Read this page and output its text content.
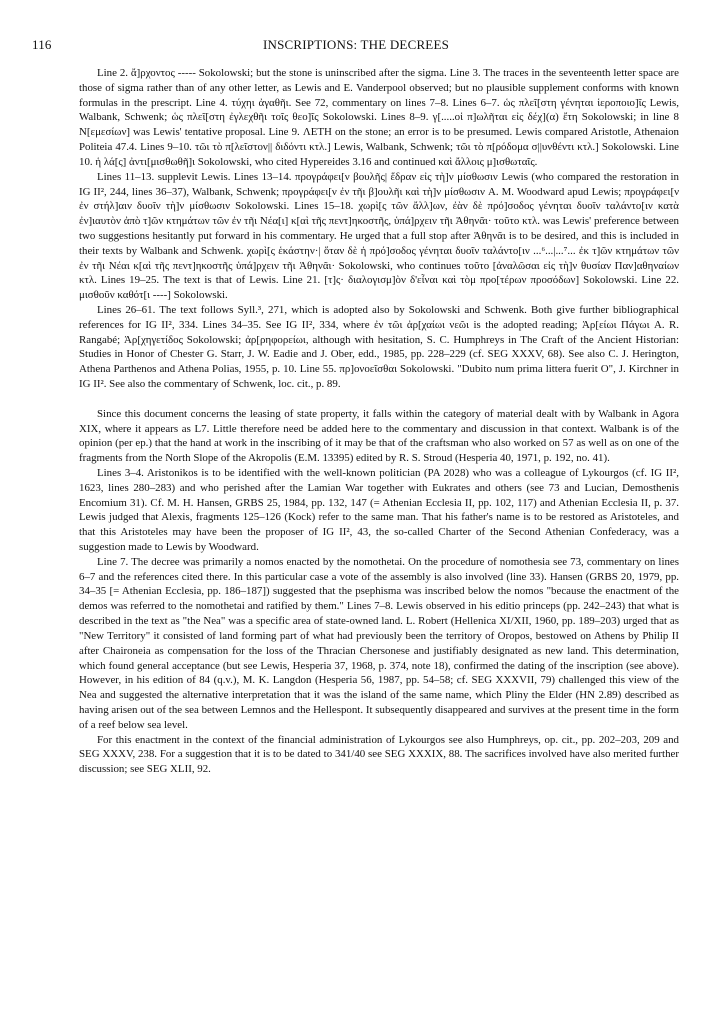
116	INSCRIPTIONS: THE DECREES

Line 2. ἄ]ρχοντος ----- Sokolowski; but the stone is uninscribed after the sigma. Line 3. The traces in the seventeenth letter space are those of sigma rather than of any other letter, as Lewis and E. Vanderpool observed; but no plausible supplement conforms with known formulas in the prescript. Line 4. τύχηι ἀγαθῆι. See 72, commentary on lines 7–8. Lines 6–7. ὡς πλεῖ[στη γένηται ἱεροποιο]ῖς Lewis, Walbank, Schwenk; ὡς πλεῖ[στη ἐγλεχθῆι τοῖς θεο]ῖς Sokolowski. Lines 8–9. γ[.....οἱ π]ωλῆται εἰς δέχ](α) ἔτη Sokolowski; in line 8 N[εμεσίων] was Lewis' tentative proposal. Line 9. ΛΕΤΗ on the stone; an error is to be presumed. Lewis compared Aristotle, Athenaion Politeia 47.4. Lines 9–10. τῶι τὸ π[λεῖστον|| διδόντι κτλ.] Lewis, Walbank, Schwenk; τῶι τὸ π[ρόδομα σ||υνθέντι κτλ.] Sokolowski. Line 10. ἡ λά[ς] ἀντι[μισθωθῆ]ι Sokolowski, who cited Hypereides 3.16 and continued καὶ ἄλλοις μ]ισθωταῖς.

Lines 11–13. supplevit Lewis. Lines 13–14. προγράφει[ν βουλῆς| ἕδραν εἰς τὴ]ν μίσθωσιν Lewis (who compared the restoration in IG II², 244, lines 36–37), Walbank, Schwenk; προγράφει[ν ἐν τῆι β]ουλῆι καὶ τὴ]ν μίσθωσιν A. M. Woodward apud Lewis; προγράφει[ν ἐν στήλ]αιν δυοῖν τὴ]ν μίσθωσιν Sokolowski. Lines 15–18. χωρὶ[ς τῶν ἄλλ]ων, ἐὰν δὲ πρό]σοδος γένηται δυοῖν ταλάντο[ιν κατὰ ἐν]ιαυτὸν ἀπὸ τ]ῶν κτημάτων τῶν ἐν τῆι Νέα[ι] κ[αὶ τῆς πεντ]ηκοστῆς, ὑπά]ρχειν τῆι Ἀθηνᾶι· τοῦτο κτλ. was Lewis' preference between two suggestions hesitantly put forward in his commentary. He urged that a full stop after Ἀθηνᾶι is to be desired, and this is included in their texts by Walbank and Schwenk. χωρὶ[ς ἑκάστην·| ὅταν δὲ ἡ πρό]σοδος γένηται δυοῖν ταλάντο[ιν ...⁶...|...⁷... ἐκ τ]ῶν κτημάτων τῶν ἐν τῆι Νέαι κ[αὶ τῆς πεντ]ηκοστῆς ὑπά]ρχειν τῆι Ἀθηνᾶι· Sokolowski, who continues τοῦτο [ἀναλῶσαι εἰς τὴ]ν θυσίαν Παν]αθηναίων κτλ. Lines 19–25. The text is that of Lewis. Line 21. [τ]ς· διαλογισμ]ὸν δ'εἶναι καὶ τὸμ προ[τέρων προσόδων] Sokolowski. Line 22. μισθοῦν καθότ[ι ----] Sokolowski.

Lines 26–61. The text follows Syll.³, 271, which is adopted also by Sokolowski and Schwenk. Both give further bibliographical references for IG II², 334. Lines 34–35. See IG II², 334, where ἐν τῶι ἀρ[χαίωι νεῶι is the adopted reading; Ἀρ[είωι Πάγωι A. R. Rangabé; Ἀρ[χηγετίδος Sokolowski; ἀρ[ρηφορείωι, although with hesitation, S. C. Humphreys in The Craft of the Ancient Historian: Studies in Honor of Chester G. Starr, J. W. Eadie and J. Ober, edd., 1985, pp. 228–229 (cf. SEG XXXV, 68). See also C. J. Herington, Athena Parthenos and Athena Polias, 1955, p. 10. Line 55. πρ]ονοεῖσθαι Sokolowski. "Dubito num prima littera fuerit O", J. Kirchner in IG II². See also the commentary of Schwenk, loc. cit., p. 89.

Since this document concerns the leasing of state property, it falls within the category of material dealt with by Walbank in Agora XIX, where it appears as L7. Little therefore need be added here to the commentary and discussion in that context. Walbank is of the opinion (per ep.) that the hand at work in the inscribing of it may be that of the craftsman who also worked on 57 as well as on one of the fragments from the North Slope of the Akropolis (E.M. 13395) edited by R. S. Stroud (Hesperia 40, 1971, p. 192, no. 41).

Lines 3–4. Aristonikos is to be identified with the well-known politician (PA 2028) who was a colleague of Lykourgos (cf. IG II², 1623, lines 280–283) and who perished after the Lamian War together with Eukrates and others (see 73 and Lucian, Demosthenis Encomium 31). Cf. M. H. Hansen, GRBS 25, 1984, pp. 132, 147 (= Athenian Ecclesia II, pp. 102, 117) and Athenian Ecclesia II, p. 37. Lewis judged that Alexis, fragments 125–126 (Kock) refer to the same man. That his father's name is to be restored as Aristoteles, and that this Aristoteles may have been the proposer of IG II², 43, the so-called Charter of the Second Athenian Confederacy, was a suggestion made to Lewis by Woodward.

Line 7. The decree was primarily a nomos enacted by the nomothetai. On the procedure of nomothesia see 73, commentary on lines 6–7 and the references cited there. In this particular case a vote of the assembly is also involved (line 33). Hansen (GRBS 20, 1979, pp. 34–35 [= Athenian Ecclesia, pp. 186–187]) suggested that the psephisma was inscribed below the nomos "because the enactment of the demos was referred to the nomothetai and ratified by them." Lines 7–8. Lewis observed in his editio princeps (pp. 242–243) that what is described in the text as "the Nea" was a specific area of state-owned land. L. Robert (Hellenica XI/XII, 1960, pp. 189–203) urged that as "New Territory" it consisted of land forming part of what had previously been the territory of Oropos, bestowed on Athens by Philip II after Chaironeia as compensation for the loss of the Thracian Chersonese and justifiably designated as new land. This determination, which found general acceptance (but see Lewis, Hesperia 37, 1968, p. 374, note 18), confirmed the dating of the inscription (see above). However, in his edition of 84 (q.v.), M. K. Langdon (Hesperia 56, 1987, pp. 54–58; cf. SEG XXXVII, 79) challenged this view of the Nea and suggested the alternative interpretation that it was the island of the same name, which Pliny the Elder (HN 2.89) described as having arisen out of the sea between Lemnos and the Hellespont. It subsequently disappeared and survives at the present time in the form of a reef below sea level.

For this enactment in the context of the financial administration of Lykourgos see also Humphreys, op. cit., pp. 202–203, 209 and SEG XXXV, 238. For a suggestion that it is to be dated to 341/40 see SEG XXXIX, 88. The sacrifices involved have also merited further discussion; see SEG XLII, 92.
